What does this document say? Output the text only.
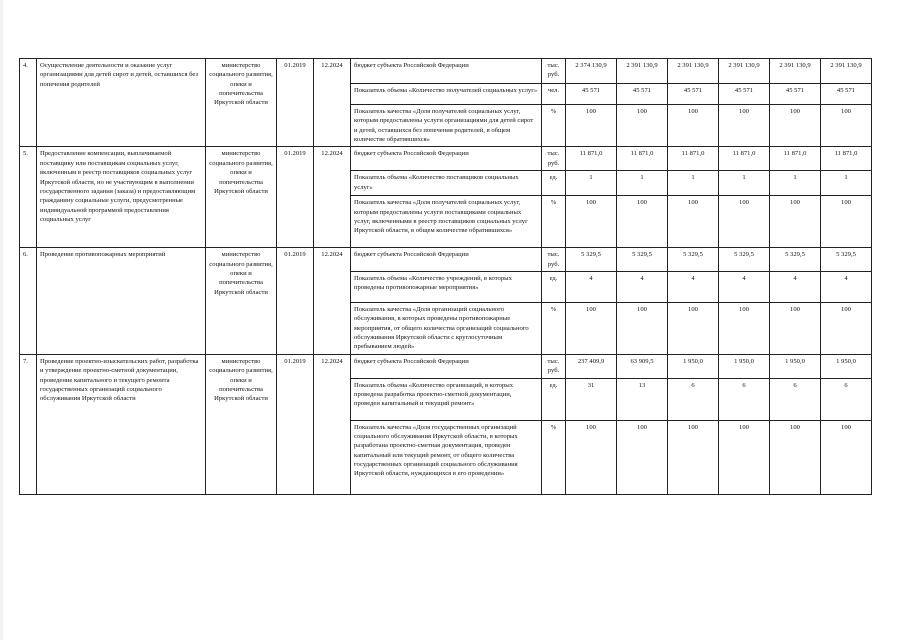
4.	Осуществление деятельности и оказание услуг организациями для детей сирот и детей, оставшихся без попечения родителей	министерство социального развития, опеки и попечительства Иркутской области	01.2019	12.2024	бюджет субъекта Российской Федерации	тыс. руб.	2 374 130,9	2 391 130,9	2 391 130,9	2 391 130,9	2 391 130,9	2 391 130,9
					Показатель объема «Количество получателей социальных услуг»	чел.	45 571	45 571	45 571	45 571	45 571	45 571
					Показатель качества «Доля получателей социальных услуг, которым предоставлены услуги организациями для детей сирот и детей, оставшихся без попечения родителей, в общем количестве обратившихся»	%	100	100	100	100	100	100
5.	Предоставление компенсации, выплачиваемой поставщику или поставщикам социальных услуг, включенным в реестр поставщиков социальных услуг Иркутской области, но не участвующим в выполнении государственного задания (заказа) и предоставляющим гражданину социальные услуги, предусмотренные индивидуальной программой предоставления социальных услуг	министерство социального развития, опеки и попечительства Иркутской области	01.2019	12.2024	бюджет субъекта Российской Федерации	тыс. руб.	11 871,0	11 871,0	11 871,0	11 871,0	11 871,0	11 871,0
					Показатель объема «Количество поставщиков социальных услуг»	ед.	1	1	1	1	1	1
					Показатель качества «Доля получателей социальных услуг, которым предоставлены услуги поставщиками социальных услуг, включенными в реестр поставщиков социальных услуг Иркутской области, в общем количестве обратившихся»	%	100	100	100	100	100	100
6.	Проведение противопожарных мероприятий	министерство социального развития, опеки и попечительства Иркутской области	01.2019	12.2024	бюджет субъекта Российской Федерации	тыс. руб.	5 329,5	5 329,5	5 329,5	5 329,5	5 329,5	5 329,5
					Показатель объема «Количество учреждений, в которых проведены противопожарные мероприятия»	ед.	4	4	4	4	4	4
					Показатель качества «Доля организаций социального обслуживания, в которых проведены противопожарные мероприятия, от общего количества организаций социального обслуживания Иркутской области с круглосуточным пребыванием людей»	%	100	100	100	100	100	100
7.	Проведение проектно-изыскательских работ, разработка и утверждение проектно-сметной документации, проведение капитального и текущего ремонта государственных организаций социального обслуживания Иркутской области	министерство социального развития, опеки и попечительства Иркутской области	01.2019	12.2024	бюджет субъекта Российской Федерации	тыс. руб.	237 409,9	63 909,5	1 950,0	1 950,0	1 950,0	1 950,0
					Показатель объема «Количество организаций, в которых проведена разработка проектно-сметной документации, проведен капитальный и текущий ремонт»	ед.	31	13	6	6	6	6
					Показатель качества «Доля государственных организаций социального обслуживания Иркутской области, в которых разработана проектно-сметная документация, проведен капитальный или текущий ремонт, от общего количества государственных организаций социального обслуживания Иркутской области, нуждающихся в его проведении»	%	100	100	100	100	100	100
